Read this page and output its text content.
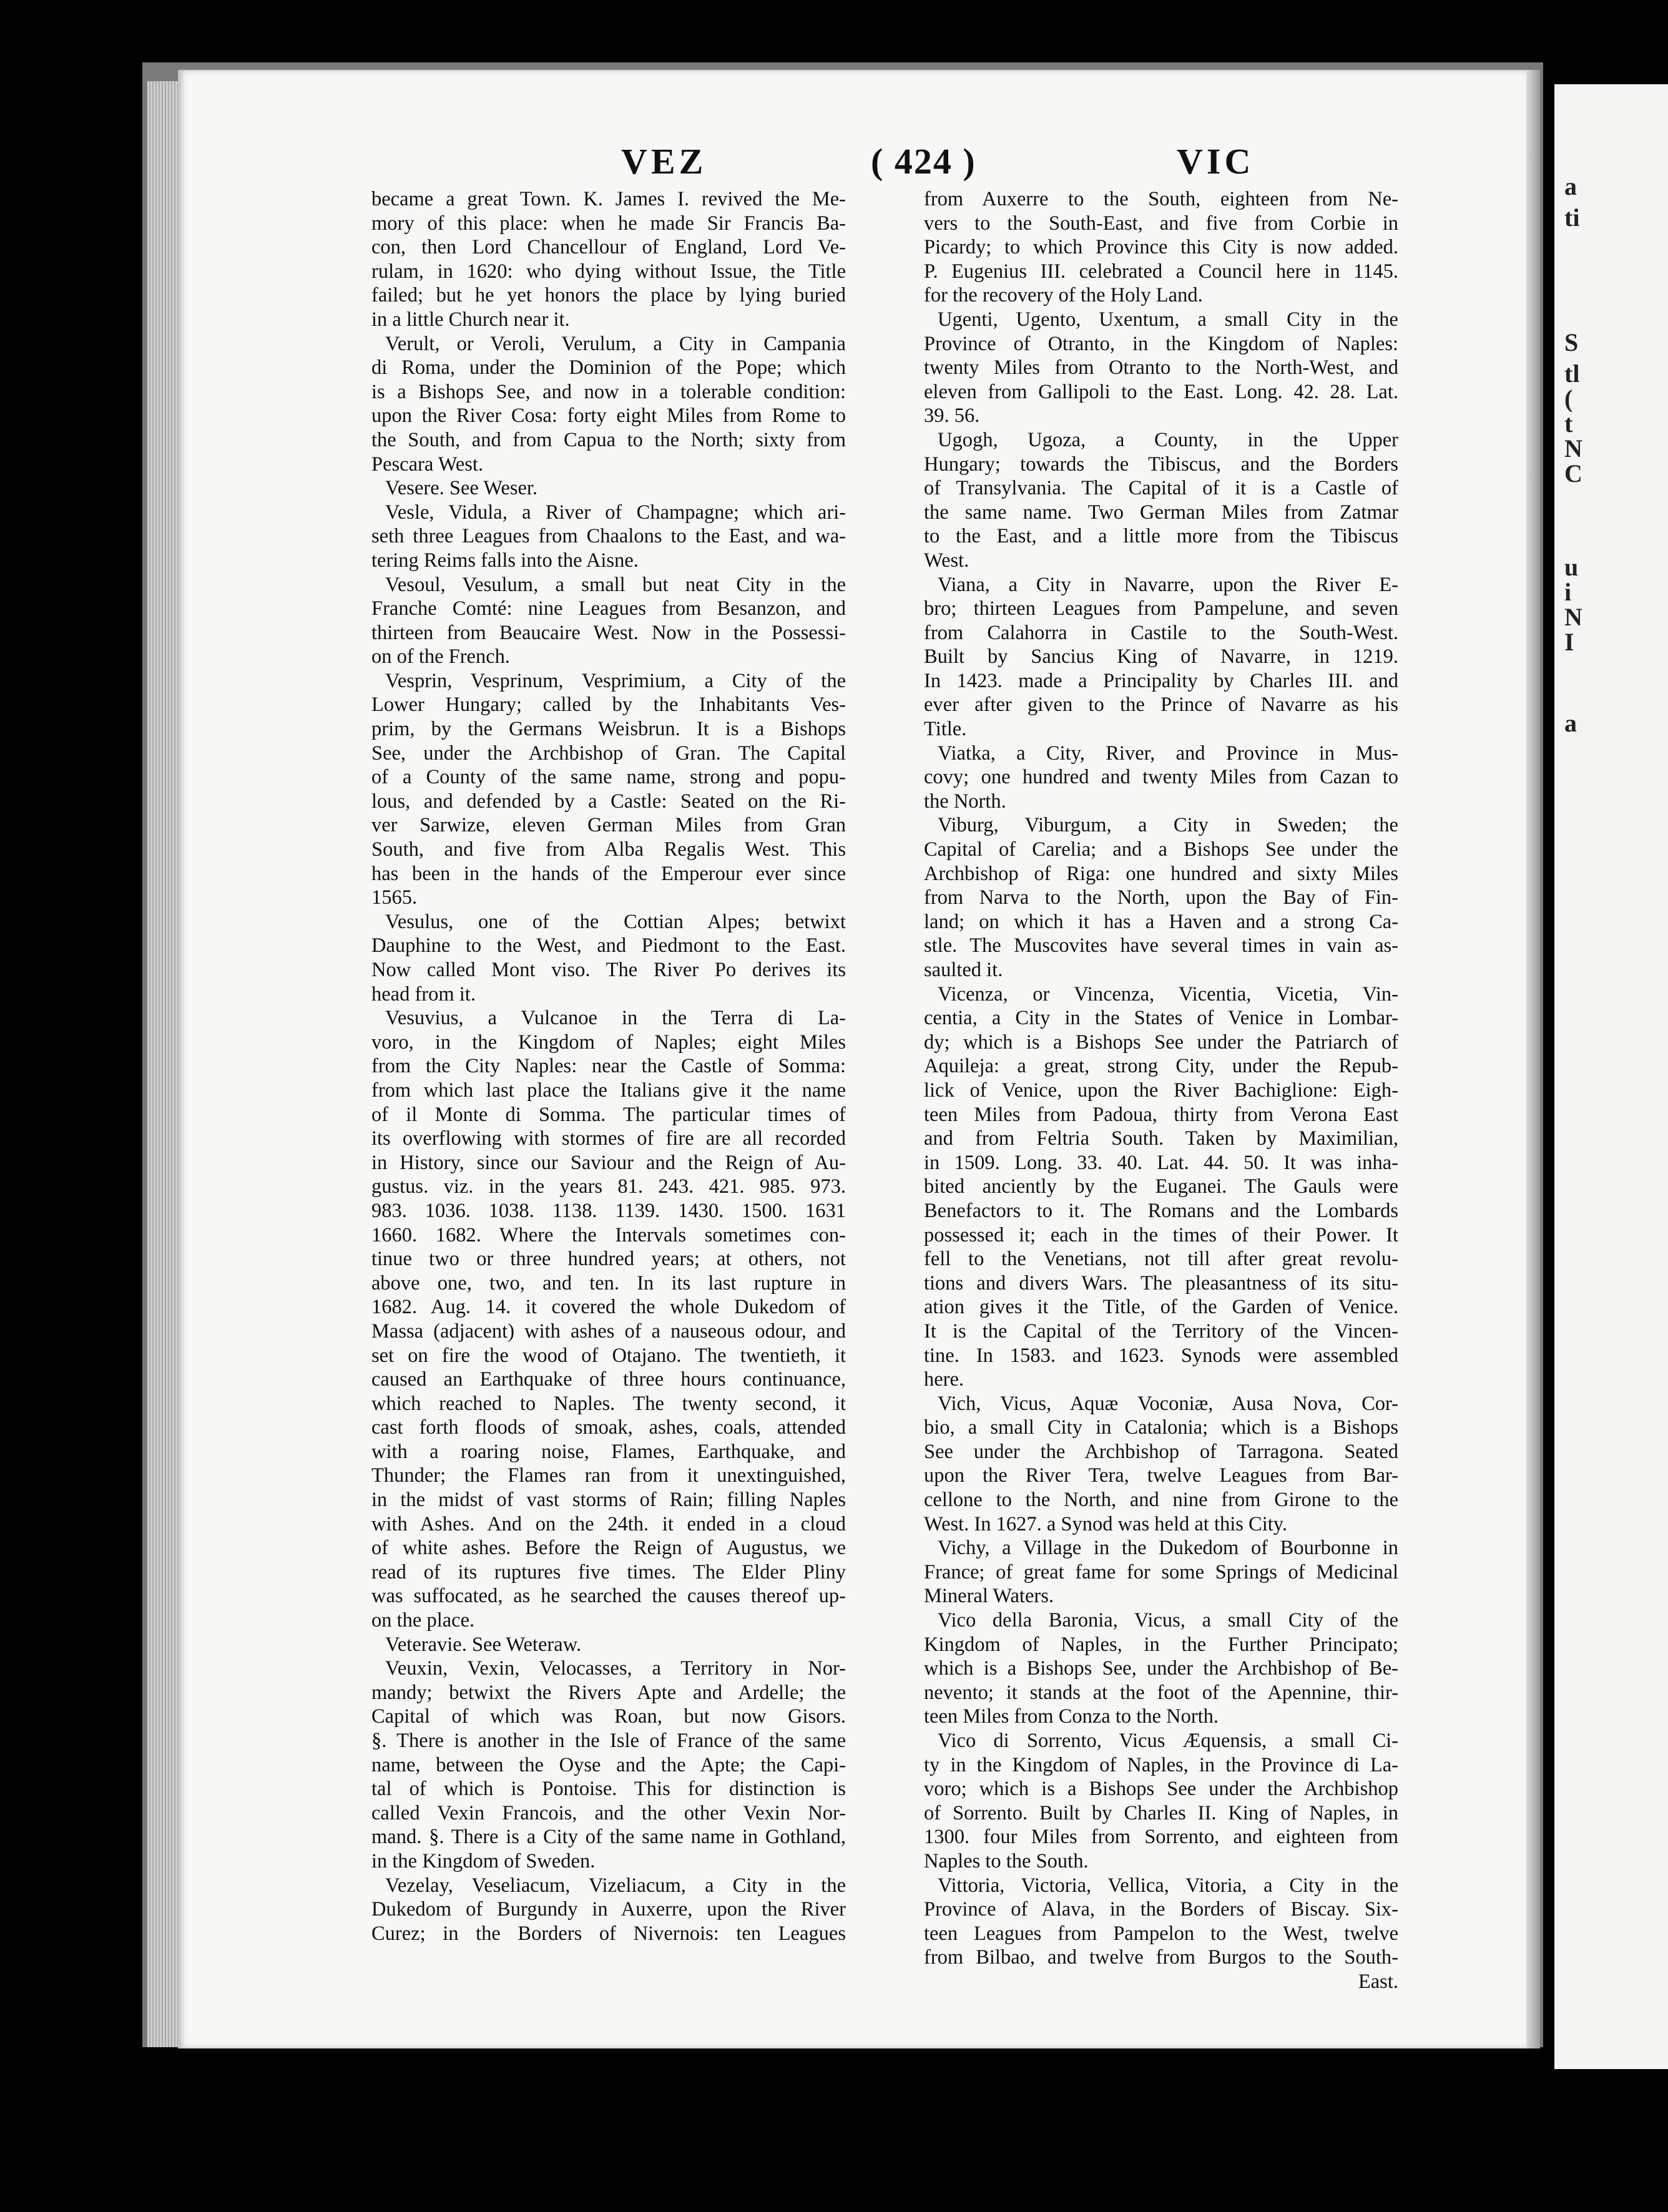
a
ti
S
tl
(
t
N
C
u
i
N
I
a
VEZ	( 424 )	VIC
became a great Town. K. James I. revived the Me-
mory of this place: when he made Sir Francis Ba-
con, then Lord Chancellour of England, Lord Ve-
rulam, in 1620: who dying without Issue, the Title
failed; but he yet honors the place by lying buried
in a little Church near it.
Verult, or Veroli, Verulum, a City in Campania
di Roma, under the Dominion of the Pope; which
is a Bishops See, and now in a tolerable condition:
upon the River Cosa: forty eight Miles from Rome to
the South, and from Capua to the North; sixty from
Pescara West.
Vesere. See Weser.
Vesle, Vidula, a River of Champagne; which ari-
seth three Leagues from Chaalons to the East, and wa-
tering Reims falls into the Aisne.
Vesoul, Vesulum, a small but neat City in the
Franche Comté: nine Leagues from Besanzon, and
thirteen from Beaucaire West. Now in the Possessi-
on of the French.
Vesprin, Vesprinum, Vesprimium, a City of the
Lower Hungary; called by the Inhabitants Ves-
prim, by the Germans Weisbrun. It is a Bishops
See, under the Archbishop of Gran. The Capital
of a County of the same name, strong and popu-
lous, and defended by a Castle: Seated on the Ri-
ver Sarwize, eleven German Miles from Gran
South, and five from Alba Regalis West. This
has been in the hands of the Emperour ever since
1565.
Vesulus, one of the Cottian Alpes; betwixt
Dauphine to the West, and Piedmont to the East.
Now called Mont viso. The River Po derives its
head from it.
Vesuvius, a Vulcanoe in the Terra di La-
voro, in the Kingdom of Naples; eight Miles
from the City Naples: near the Castle of Somma:
from which last place the Italians give it the name
of il Monte di Somma. The particular times of
its overflowing with stormes of fire are all recorded
in History, since our Saviour and the Reign of Au-
gustus. viz. in the years 81. 243. 421. 985. 973.
983. 1036. 1038. 1138. 1139. 1430. 1500. 1631
1660. 1682. Where the Intervals sometimes con-
tinue two or three hundred years; at others, not
above one, two, and ten. In its last rupture in
1682. Aug. 14. it covered the whole Dukedom of
Massa (adjacent) with ashes of a nauseous odour, and
set on fire the wood of Otajano. The twentieth, it
caused an Earthquake of three hours continuance,
which reached to Naples. The twenty second, it
cast forth floods of smoak, ashes, coals, attended
with a roaring noise, Flames, Earthquake, and
Thunder; the Flames ran from it unextinguished,
in the midst of vast storms of Rain; filling Naples
with Ashes. And on the 24th. it ended in a cloud
of white ashes. Before the Reign of Augustus, we
read of its ruptures five times. The Elder Pliny
was suffocated, as he searched the causes thereof up-
on the place.
Veteravie. See Weteraw.
Veuxin, Vexin, Velocasses, a Territory in Nor-
mandy; betwixt the Rivers Apte and Ardelle; the
Capital of which was Roan, but now Gisors.
§. There is another in the Isle of France of the same
name, between the Oyse and the Apte; the Capi-
tal of which is Pontoise. This for distinction is
called Vexin Francois, and the other Vexin Nor-
mand. §. There is a City of the same name in Gothland,
in the Kingdom of Sweden.
Vezelay, Veseliacum, Vizeliacum, a City in the
Dukedom of Burgundy in Auxerre, upon the River
Curez; in the Borders of Nivernois: ten Leagues
from Auxerre to the South, eighteen from Ne-
vers to the South-East, and five from Corbie in
Picardy; to which Province this City is now added.
P. Eugenius III. celebrated a Council here in 1145.
for the recovery of the Holy Land.
Ugenti, Ugento, Uxentum, a small City in the
Province of Otranto, in the Kingdom of Naples:
twenty Miles from Otranto to the North-West, and
eleven from Gallipoli to the East. Long. 42. 28. Lat.
39. 56.
Ugogh, Ugoza, a County, in the Upper
Hungary; towards the Tibiscus, and the Borders
of Transylvania. The Capital of it is a Castle of
the same name. Two German Miles from Zatmar
to the East, and a little more from the Tibiscus
West.
Viana, a City in Navarre, upon the River E-
bro; thirteen Leagues from Pampelune, and seven
from Calahorra in Castile to the South-West.
Built by Sancius King of Navarre, in 1219.
In 1423. made a Principality by Charles III. and
ever after given to the Prince of Navarre as his
Title.
Viatka, a City, River, and Province in Mus-
covy; one hundred and twenty Miles from Cazan to
the North.
Viburg, Viburgum, a City in Sweden; the
Capital of Carelia; and a Bishops See under the
Archbishop of Riga: one hundred and sixty Miles
from Narva to the North, upon the Bay of Fin-
land; on which it has a Haven and a strong Ca-
stle. The Muscovites have several times in vain as-
saulted it.
Vicenza, or Vincenza, Vicentia, Vicetia, Vin-
centia, a City in the States of Venice in Lombar-
dy; which is a Bishops See under the Patriarch of
Aquileja: a great, strong City, under the Repub-
lick of Venice, upon the River Bachiglione: Eigh-
teen Miles from Padoua, thirty from Verona East
and from Feltria South. Taken by Maximilian,
in 1509. Long. 33. 40. Lat. 44. 50. It was inha-
bited anciently by the Euganei. The Gauls were
Benefactors to it. The Romans and the Lombards
possessed it; each in the times of their Power. It
fell to the Venetians, not till after great revolu-
tions and divers Wars. The pleasantness of its situ-
ation gives it the Title, of the Garden of Venice.
It is the Capital of the Territory of the Vincen-
tine. In 1583. and 1623. Synods were assembled
here.
Vich, Vicus, Aquæ Voconiæ, Ausa Nova, Cor-
bio, a small City in Catalonia; which is a Bishops
See under the Archbishop of Tarragona. Seated
upon the River Tera, twelve Leagues from Bar-
cellone to the North, and nine from Girone to the
West. In 1627. a Synod was held at this City.
Vichy, a Village in the Dukedom of Bourbonne in
France; of great fame for some Springs of Medicinal
Mineral Waters.
Vico della Baronia, Vicus, a small City of the
Kingdom of Naples, in the Further Principato;
which is a Bishops See, under the Archbishop of Be-
nevento; it stands at the foot of the Apennine, thir-
teen Miles from Conza to the North.
Vico di Sorrento, Vicus Æquensis, a small Ci-
ty in the Kingdom of Naples, in the Province di La-
voro; which is a Bishops See under the Archbishop
of Sorrento. Built by Charles II. King of Naples, in
1300. four Miles from Sorrento, and eighteen from
Naples to the South.
Vittoria, Victoria, Vellica, Vitoria, a City in the
Province of Alava, in the Borders of Biscay. Six-
teen Leagues from Pampelon to the West, twelve
from Bilbao, and twelve from Burgos to the South-
East.
